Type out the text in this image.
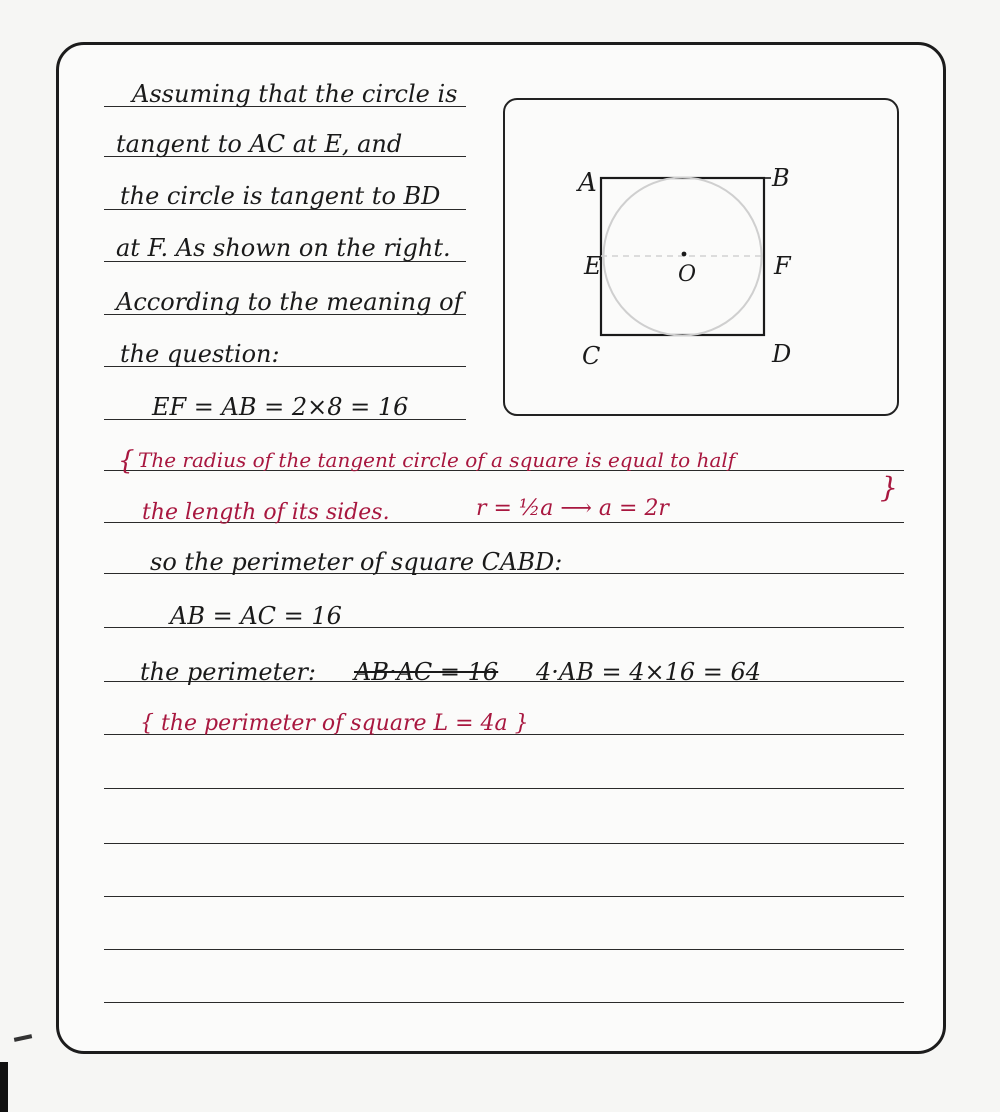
Assuming that the circle is
tangent to AC at E, and
the circle is tangent to BD
at F. As shown on the right.
According to the meaning of
the question:
EF = AB = 2×8 = 16
{ The radius of the tangent circle of a square is equal to half
the length of its sides.	r = ½a ⟶ a = 2r
}
so the perimeter of square CABD:
AB = AC = 16
the perimeter: AB·AC = 16 4·AB = 4×16 = 64
{ the perimeter of square L = 4a }
A	B
C	D
E	F
O
